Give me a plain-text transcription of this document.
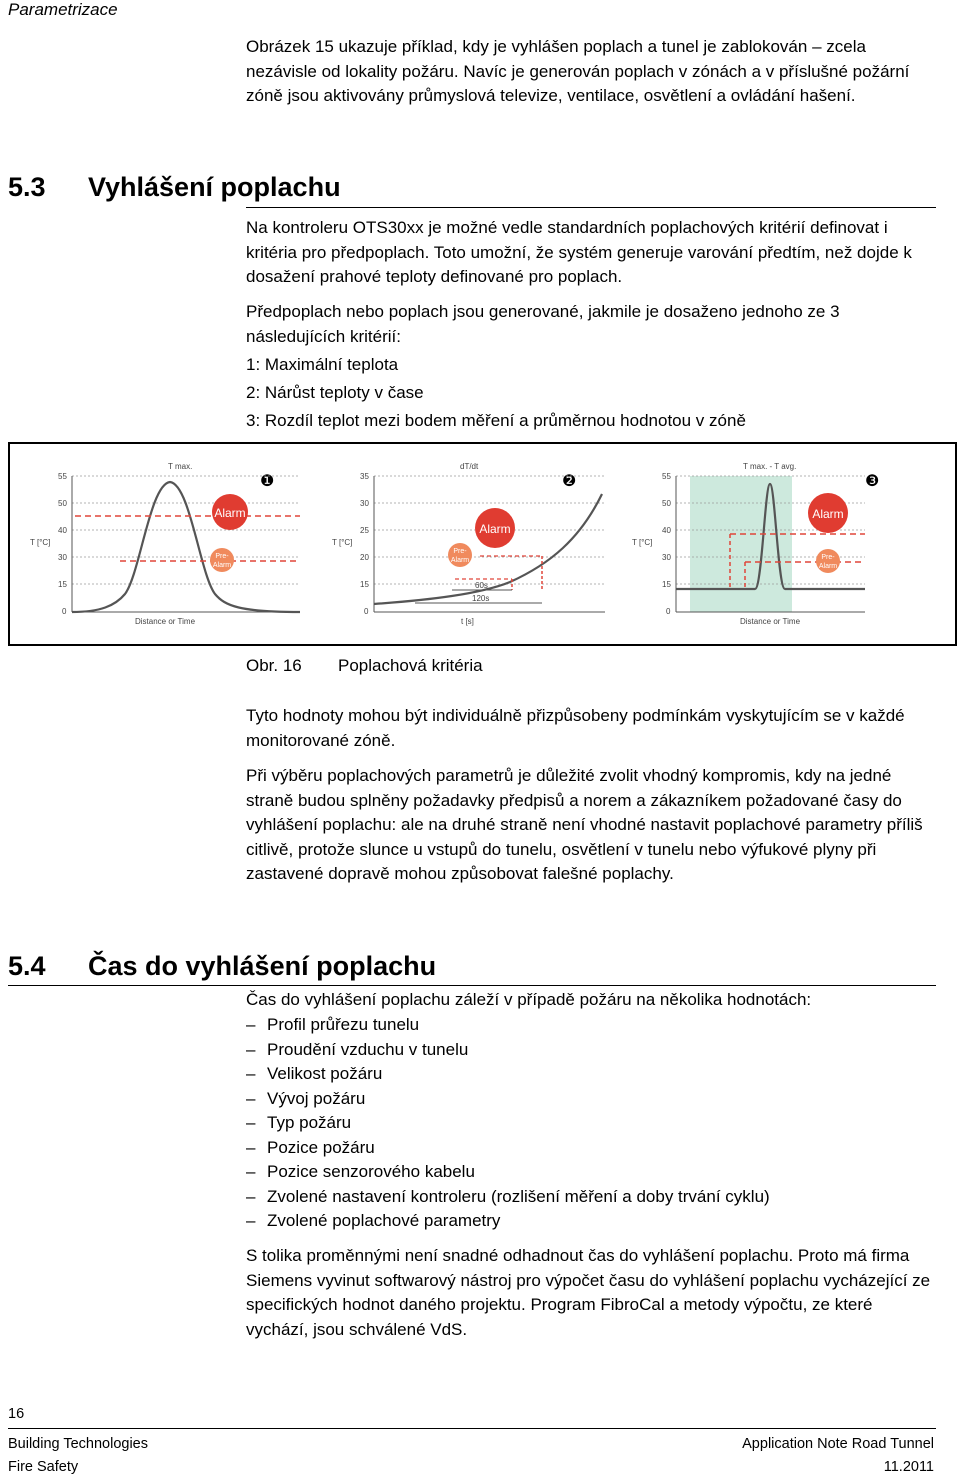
Parametrizace

Obrázek 15 ukazuje příklad, kdy je vyhlášen poplach a tunel je zablokován – zcela nezávisle od lokality požáru. Navíc je generován poplach v zónách a v příslušné požární zóně jsou aktivovány průmyslová televize, ventilace, osvětlení a ovládání hašení.

5.3 Vyhlášení poplachu

Na kontroleru OTS30xx je možné vedle standardních poplachových kritérií definovat i kritéria pro předpoplach. Toto umožní, že systém generuje varování předtím, než dojde k dosažení prahové teploty definované pro poplach.

Předpoplach nebo poplach jsou generované, jakmile je dosaženo jednoho ze 3 následujících kritérií:

1: Maximální teplota
2: Nárůst teploty v čase
3: Rozdíl teplot mezi bodem měření a průměrnou hodnotou v zóně
T max.
❶
T [°C]
55
50
40
30
15
0
Alarm
Pre-
Alarm
Distance or Time
dT/dt
❷
T [°C]
35
30
25
20
15
0
Alarm
Pre-
Alarm
60s
120s
t [s]
T max. - T avg.
❸
T [°C]
55
50
40
30
15
0
Alarm
Pre-
Alarm
Distance or Time
Obr. 16 Poplachová kritéria

Tyto hodnoty mohou být individuálně přizpůsobeny podmínkám vyskytujícím se v každé monitorované zóně.

Při výběru poplachových parametrů je důležité zvolit vhodný kompromis, kdy na jedné straně budou splněny požadavky předpisů a norem a zákazníkem požadované časy do vyhlášení poplachu: ale na druhé straně není vhodné nastavit poplachové parametry příliš citlivě, protože slunce u vstupů do tunelu, osvětlení v tunelu nebo výfukové plyny při zastavené dopravě mohou způsobovat falešné poplachy.

5.4 Čas do vyhlášení poplachu
Čas do vyhlášení poplachu záleží v případě požáru na několika hodnotách:
– Profil průřezu tunelu
– Proudění vzduchu v tunelu
– Velikost požáru
– Vývoj požáru
– Typ požáru
– Pozice požáru
– Pozice senzorového kabelu
– Zvolené nastavení kontroleru (rozlišení měření a doby trvání cyklu)
– Zvolené poplachové parametry

S tolika proměnnými není snadné odhadnout čas do vyhlášení poplachu. Proto má firma Siemens vyvinut softwarový nástroj pro výpočet času do vyhlášení poplachu vycházející ze specifických hodnot daného projektu. Program FibroCal a metody výpočtu, ze které vychází, jsou schválené VdS.

16
Building Technologies
Fire Safety
Application Note Road Tunnel
11.2011
